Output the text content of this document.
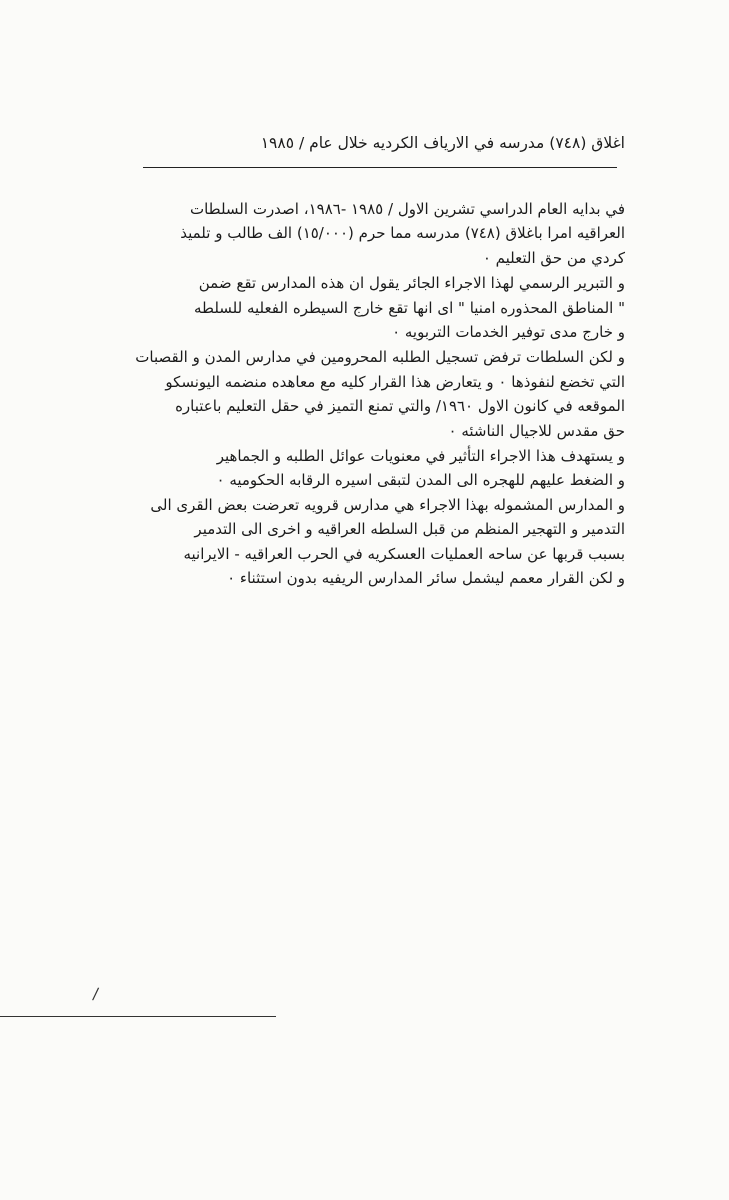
اغلاق (٧٤٨) مدرسه في الارياف الكرديه خلال عام / ١٩٨٥

في بدايه العام الدراسي تشرين الاول / ١٩٨٥ -١٩٨٦، اصدرت السلطات
العراقيه امرا باغلاق (٧٤٨) مدرسه مما حرم (١٥/٠٠٠) الف طالب و تلميذ
كردي من حق التعليم ٠

و التبرير الرسمي لهذا الاجراء الجائر يقول ان هذه المدارس تقع ضمن
" المناطق المحذوره امنيا " اى انها تقع خارج السيطره الفعليه للسلطه
و خارج مدى توفير الخدمات التربويه ٠

و لكن السلطات ترفض تسجيل الطلبه المحرومين في مدارس المدن و القصبات
التي تخضع لنفوذها ٠ و يتعارض هذا القرار كليه مع معاهده منضمه اليونسكو
الموقعه في كانون الاول ١٩٦٠/ والتي تمنع التميز في حقل التعليم باعتباره
حق مقدس للاجيال الناشئه ٠

و يستهدف هذا الاجراء التأثير في معنويات عوائل الطلبه و الجماهير
و الضغط عليهم للهجره الى المدن لتبقى اسيره الرقابه الحكوميه ٠
و المدارس المشموله بهذا الاجراء هي مدارس قرويه تعرضت بعض القرى الى
التدمير و التهجير المنظم من قبل السلطه العراقيه و اخرى الى التدمير
بسبب قربها عن ساحه العمليات العسكريه في الحرب العراقيه - الايرانيه
و لكن القرار معمم ليشمل سائر المدارس الريفيه بدون استثناء ٠

/
